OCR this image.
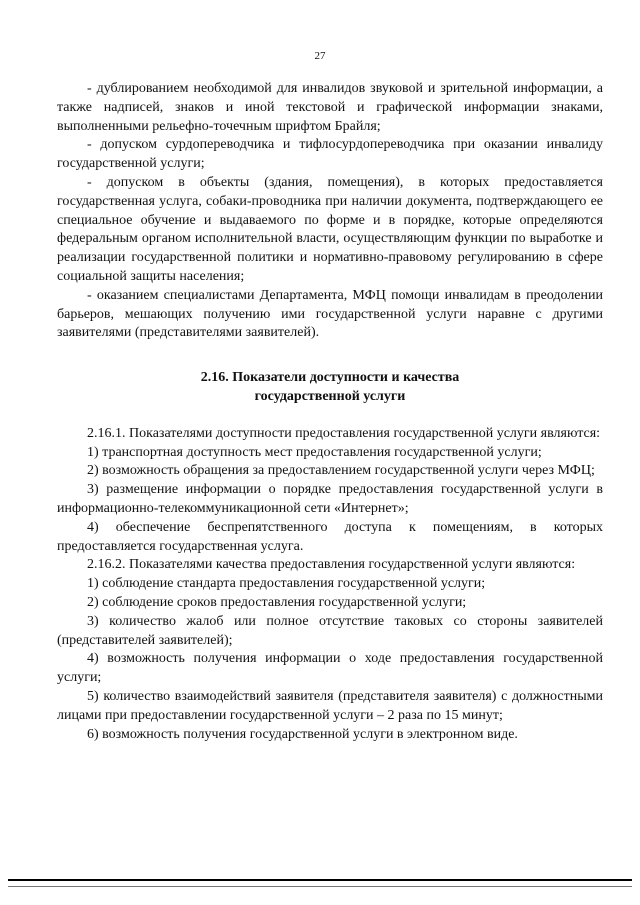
27

- дублированием необходимой для инвалидов звуковой и зрительной информации, а также надписей, знаков и иной текстовой и графической информации знаками, выполненными рельефно-точечным шрифтом Брайля;

- допуском сурдопереводчика и тифлосурдопереводчика при оказании инвалиду государственной услуги;

- допуском в объекты (здания, помещения), в которых предоставляется государственная услуга, собаки-проводника при наличии документа, подтверждающего ее специальное обучение и выдаваемого по форме и в порядке, которые определяются федеральным органом исполнительной власти, осуществляющим функции по выработке и реализации государственной политики и нормативно-правовому регулированию в сфере социальной защиты населения;

- оказанием специалистами Департамента, МФЦ помощи инвалидам в преодолении барьеров, мешающих получению ими государственной услуги наравне с другими заявителями (представителями заявителей).

2.16. Показатели доступности и качества
государственной услуги

2.16.1. Показателями доступности предоставления государственной услуги являются:

1) транспортная доступность мест предоставления государственной услуги;

2) возможность обращения за предоставлением государственной услуги через МФЦ;

3) размещение информации о порядке предоставления государственной услуги в информационно-телекоммуникационной сети «Интернет»;

4) обеспечение беспрепятственного доступа к помещениям, в которых предоставляется государственная услуга.

2.16.2. Показателями качества предоставления государственной услуги являются:

1) соблюдение стандарта предоставления государственной услуги;

2) соблюдение сроков предоставления государственной услуги;

3) количество жалоб или полное отсутствие таковых со стороны заявителей (представителей заявителей);

4) возможность получения информации о ходе предоставления государственной услуги;

5) количество взаимодействий заявителя (представителя заявителя) с должностными лицами при предоставлении государственной услуги – 2 раза по 15 минут;

6) возможность получения государственной услуги в электронном виде.
